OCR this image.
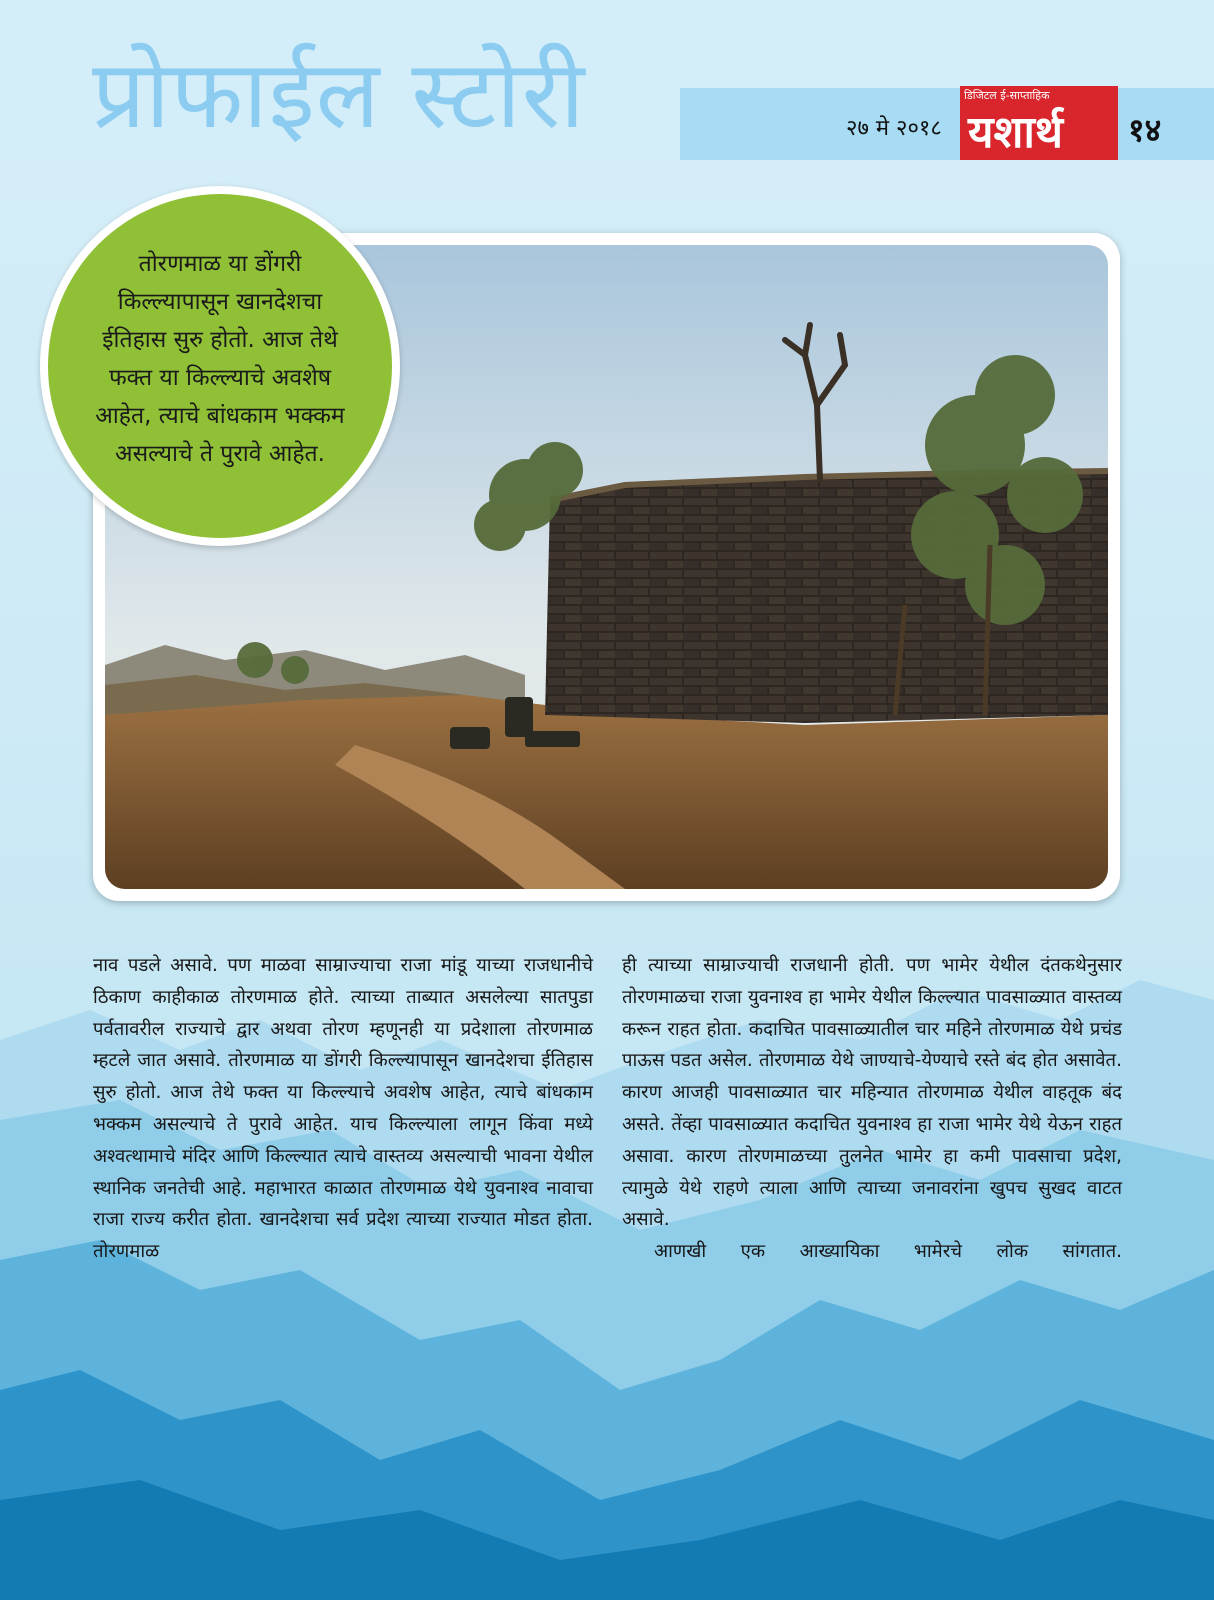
प्रोफाईल स्टोरी	२७ मे २०१८
डिजिटल ई-साप्ताहिक
यशार्थ १४
तोरणमाळ या डोंगरी किल्ल्यापासून खानदेशचा ईतिहास सुरु होतो. आज तेथे फक्त या किल्ल्याचे अवशेष आहेत, त्याचे बांधकाम भक्कम असल्याचे ते पुरावे आहेत.

नाव पडले असावे. पण माळवा साम्राज्याचा राजा मांडू याच्या राजधानीचे ठिकाण काहीकाळ तोरणमाळ होते. त्याच्या ताब्यात असलेल्या सातपुडा पर्वतावरील राज्याचे द्वार अथवा तोरण म्हणूनही या प्रदेशाला तोरणमाळ म्हटले जात असावे. तोरणमाळ या डोंगरी किल्ल्यापासून खानदेशचा ईतिहास सुरु होतो. आज तेथे फक्त या किल्ल्याचे अवशेष आहेत, त्याचे बांधकाम भक्कम असल्याचे ते पुरावे आहेत. याच किल्ल्याला लागून किंवा मध्ये अश्वत्थामाचे मंदिर आणि किल्ल्यात त्याचे वास्तव्य असल्याची भावना येथील स्थानिक जनतेची आहे. महाभारत काळात तोरणमाळ येथे युवनाश्व नावाचा राजा राज्य करीत होता. खानदेशचा सर्व प्रदेश त्याच्या राज्यात मोडत होता. तोरणमाळ

ही त्याच्या साम्राज्याची राजधानी होती. पण भामेर येथील दंतकथेनुसार तोरणमाळचा राजा युवनाश्व हा भामेर येथील किल्ल्यात पावसाळ्यात वास्तव्य करून राहत होता. कदाचित पावसाळ्यातील चार महिने तोरणमाळ येथे प्रचंड पाऊस पडत असेल. तोरणमाळ येथे जाण्याचे-येण्याचे रस्ते बंद होत असावेत. कारण आजही पावसाळ्यात चार महिन्यात तोरणमाळ येथील वाहतूक बंद असते. तेंव्हा पावसाळ्यात कदाचित युवनाश्व हा राजा भामेर येथे येऊन राहत असावा. कारण तोरणमाळच्या तुलनेत भामेर हा कमी पावसाचा प्रदेश, त्यामुळे येथे राहणे त्याला आणि त्याच्या जनावरांना खुपच सुखद वाटत असावे.

आणखी एक आख्यायिका भामेरचे लोक सांगतात.
